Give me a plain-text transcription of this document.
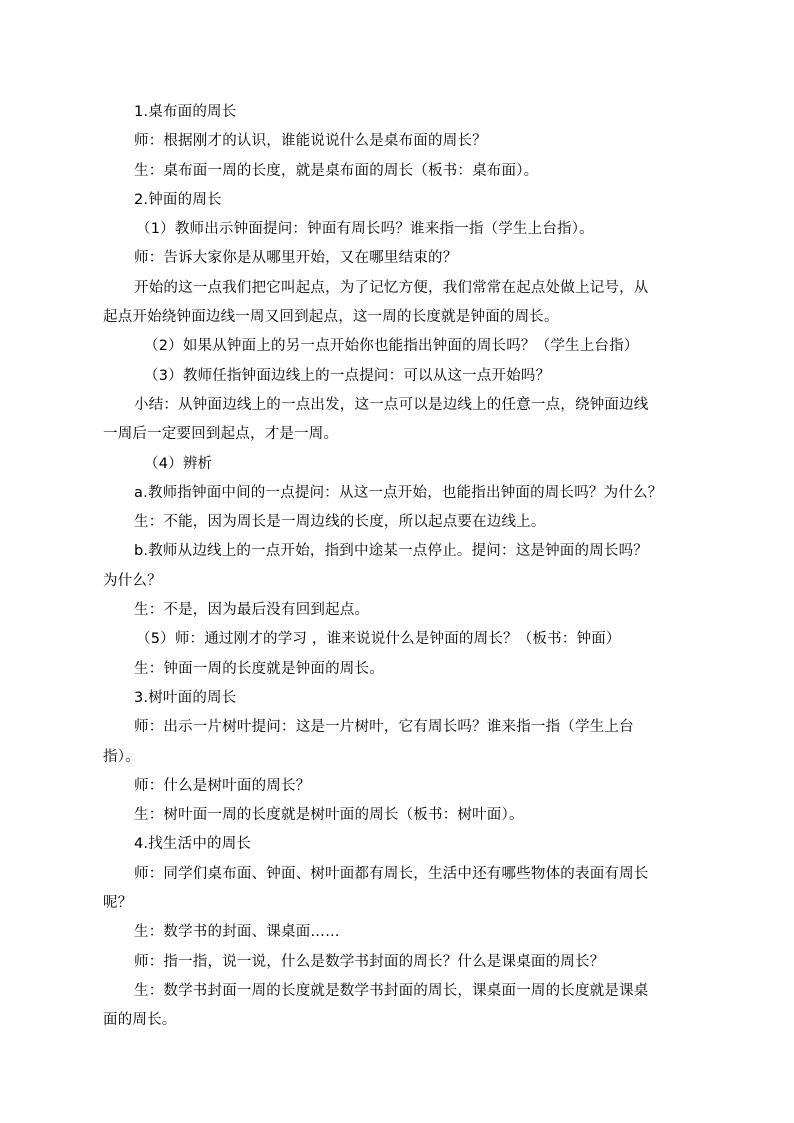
1.桌布面的周长
师：根据刚才的认识，谁能说说什么是桌布面的周长？
生：桌布面一周的长度，就是桌布面的周长（板书：桌布面）。
2.钟面的周长
（1）教师出示钟面提问：钟面有周长吗？谁来指一指（学生上台指）。
师：告诉大家你是从哪里开始，又在哪里结束的？
开始的这一点我们把它叫起点，为了记忆方便，我们常常在起点处做上记号，从
起点开始绕钟面边线一周又回到起点，这一周的长度就是钟面的周长。
（2）如果从钟面上的另一点开始你也能指出钟面的周长吗？（学生上台指）
（3）教师任指钟面边线上的一点提问：可以从这一点开始吗？
小结：从钟面边线上的一点出发，这一点可以是边线上的任意一点，绕钟面边线
一周后一定要回到起点，才是一周。
（4）辨析
a.教师指钟面中间的一点提问：从这一点开始，也能指出钟面的周长吗？为什么？
生：不能，因为周长是一周边线的长度，所以起点要在边线上。
b.教师从边线上的一点开始，指到中途某一点停止。提问：这是钟面的周长吗？
为什么？
生：不是，因为最后没有回到起点。
（5）师：通过刚才的学习 ，谁来说说什么是钟面的周长？（板书：钟面）
生：钟面一周的长度就是钟面的周长。
3.树叶面的周长
师：出示一片树叶提问：这是一片树叶，它有周长吗？谁来指一指（学生上台
指）。
师：什么是树叶面的周长？
生：树叶面一周的长度就是树叶面的周长（板书：树叶面）。
4.找生活中的周长
师：同学们桌布面、钟面、树叶面都有周长，生活中还有哪些物体的表面有周长
呢？
生：数学书的封面、课桌面……
师：指一指，说一说，什么是数学书封面的周长？什么是课桌面的周长？
生：数学书封面一周的长度就是数学书封面的周长，课桌面一周的长度就是课桌
面的周长。
